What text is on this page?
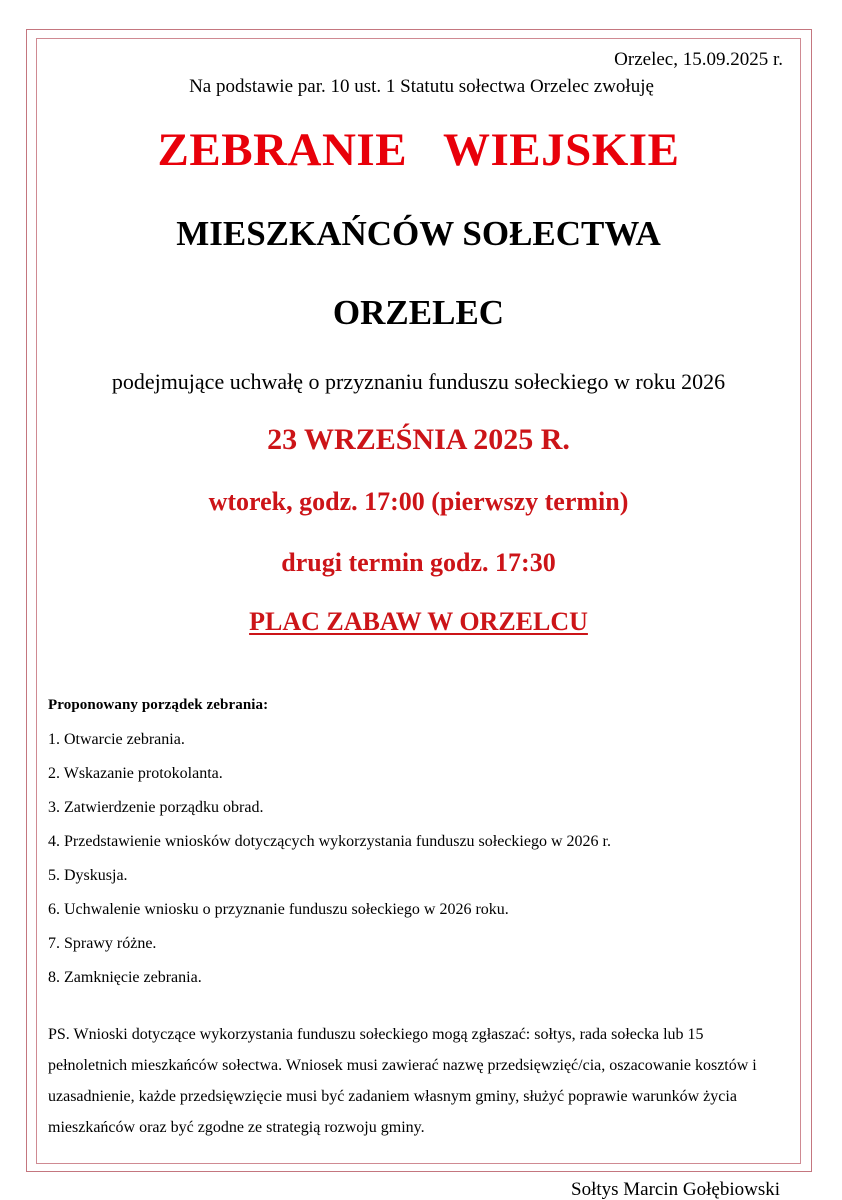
Orzelec, 15.09.2025 r.
Na podstawie par. 10 ust. 1 Statutu sołectwa Orzelec zwołuję
ZEBRANIE   WIEJSKIE
MIESZKAŃCÓW SOŁECTWA
ORZELEC
podejmujące uchwałę o przyznaniu funduszu sołeckiego w roku 2026
23 WRZEŚNIA 2025 R.
wtorek, godz. 17:00 (pierwszy termin)
drugi termin godz. 17:30
PLAC ZABAW W ORZELCU
Proponowany porządek zebrania:
1. Otwarcie zebrania.
2. Wskazanie protokolanta.
3. Zatwierdzenie porządku obrad.
4. Przedstawienie wniosków dotyczących wykorzystania funduszu sołeckiego w 2026 r.
5. Dyskusja.
6. Uchwalenie wniosku o przyznanie funduszu sołeckiego w 2026 roku.
7. Sprawy różne.
8. Zamknięcie zebrania.
PS. Wnioski dotyczące wykorzystania funduszu sołeckiego mogą zgłaszać: sołtys, rada sołecka lub 15 pełnoletnich mieszkańców sołectwa. Wniosek musi zawierać nazwę przedsięwzięć/cia, oszacowanie kosztów i uzasadnienie, każde przedsięwzięcie musi być zadaniem własnym gminy, służyć poprawie warunków życia mieszkańców oraz być zgodne ze strategią rozwoju gminy.
Sołtys Marcin Gołębiowski
